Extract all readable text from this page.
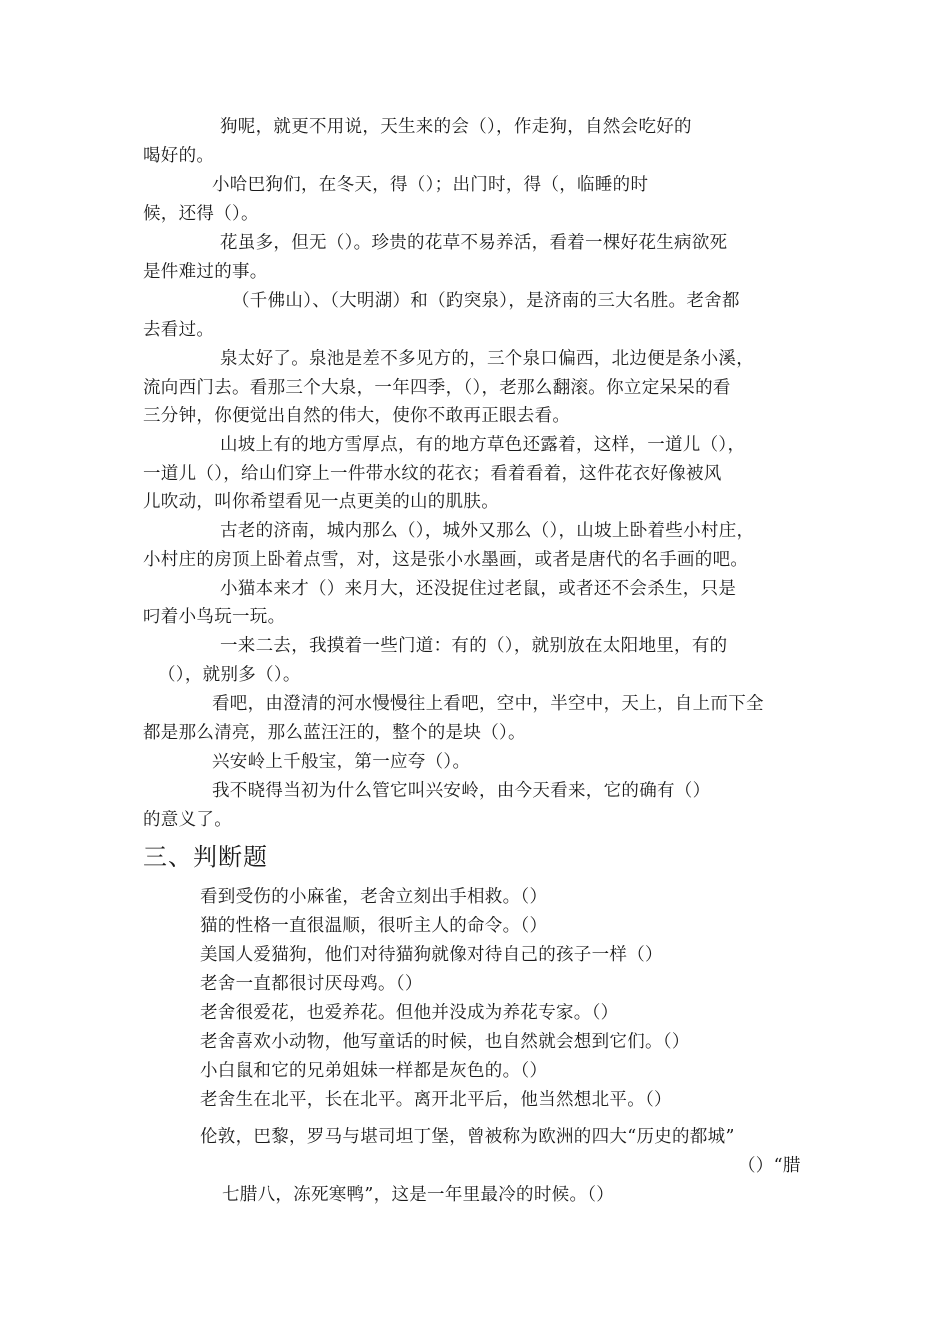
狗呢，就更不用说，天生来的会（），作走狗，自然会吃好的
喝好的。
小哈巴狗们，在冬天，得（）；出门时，得（，临睡的时
候，还得（）。
花虽多，但无（）。珍贵的花草不易养活，看着一棵好花生病欲死
是件难过的事。
（千佛山）、（大明湖）和（趵突泉），是济南的三大名胜。老舍都
去看过。
泉太好了。泉池是差不多见方的，三个泉口偏西，北边便是条小溪，
流向西门去。看那三个大泉，一年四季，（），老那么翻滚。你立定呆呆的看
三分钟，你便觉出自然的伟大，使你不敢再正眼去看。
山坡上有的地方雪厚点，有的地方草色还露着，这样，一道儿（），
一道儿（），给山们穿上一件带水纹的花衣；看着看着，这件花衣好像被风
儿吹动，叫你希望看见一点更美的山的肌肤。
古老的济南，城内那么（），城外又那么（），山坡上卧着些小村庄，
小村庄的房顶上卧着点雪，对，这是张小水墨画，或者是唐代的名手画的吧。
小猫本来才（）来月大，还没捉住过老鼠，或者还不会杀生，只是
叼着小鸟玩一玩。
一来二去，我摸着一些门道：有的（），就别放在太阳地里，有的
（），就别多（）。
看吧，由澄清的河水慢慢往上看吧，空中，半空中，天上，自上而下全
都是那么清亮，那么蓝汪汪的，整个的是块（）。
兴安岭上千般宝，第一应夸（）。
我不晓得当初为什么管它叫兴安岭，由今天看来，它的确有（）
的意义了。
三、判断题
看到受伤的小麻雀，老舍立刻出手相救。（）
猫的性格一直很温顺，很听主人的命令。（）
美国人爱猫狗，他们对待猫狗就像对待自己的孩子一样（）
老舍一直都很讨厌母鸡。（）
老舍很爱花，也爱养花。但他并没成为养花专家。（）
老舍喜欢小动物，他写童话的时候，也自然就会想到它们。（）
小白鼠和它的兄弟姐妹一样都是灰色的。（）
老舍生在北平，长在北平。离开北平后，他当然想北平。（）
伦敦，巴黎，罗马与堪司坦丁堡，曾被称为欧洲的四大“历史的都城”
（）“腊
七腊八，冻死寒鸭”，这是一年里最冷的时候。（）
